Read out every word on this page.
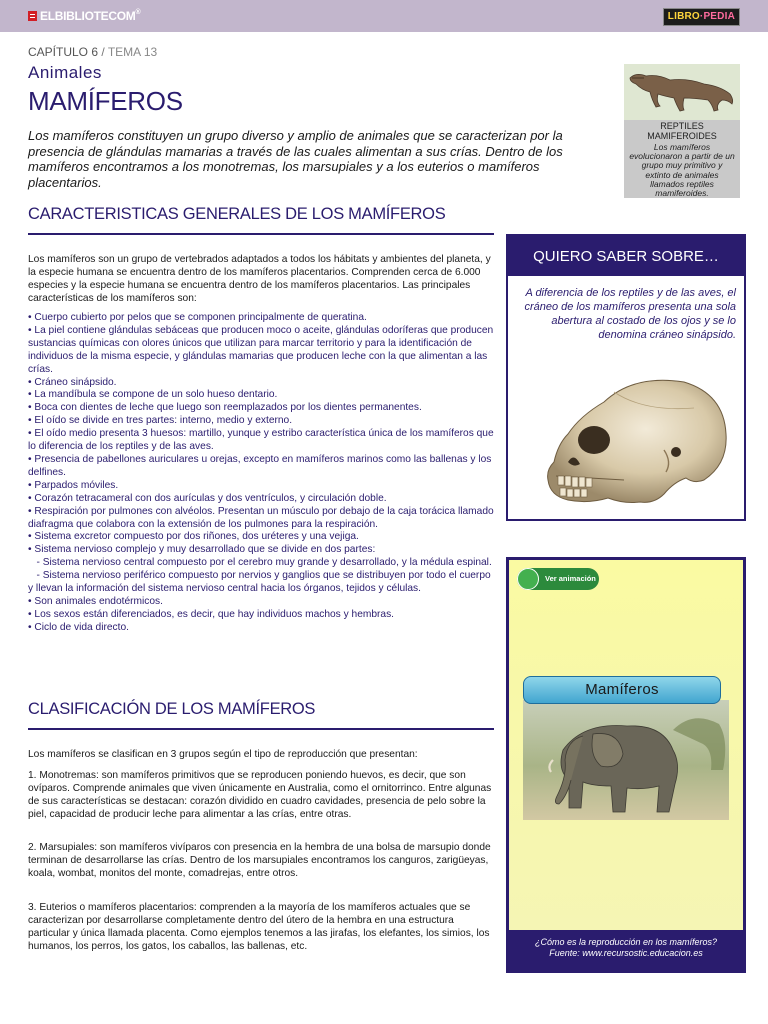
ELBIBLIOTECOM®	LIBRO·PEDIA
CAPÍTULO 6 / TEMA 13
Animales
MAMÍFEROS
Los mamíferos constituyen un grupo diverso y amplio de animales que se caracterizan por la presencia de glándulas mamarias a través de las cuales alimentan a sus crías. Dentro de los mamíferos encontramos a los monotremas, los marsupiales y a los euterios o mamíferos placentarios.
REPTILES
MAMIFEROIDES
Los mamíferos evolucionaron a partir de un grupo muy primitivo y extinto de animales llamados reptiles mamiferoides.
CARACTERISTICAS GENERALES DE LOS MAMÍFEROS
Los mamíferos son un grupo de vertebrados adaptados a todos los hábitats y ambientes del planeta, y la especie humana se encuentra dentro de los mamíferos placentarios. Comprenden cerca de 6.000 especies y la especie humana se encuentra dentro de los mamíferos placentarios. Las principales características de los mamíferos son:
• Cuerpo cubierto por pelos que se componen principalmente de queratina.
• La piel contiene glándulas sebáceas que producen moco o aceite, glándulas odoríferas que producen sustancias químicas con olores únicos que utilizan para marcar territorio y para la identificación de individuos de la misma especie, y glándulas mamarias que producen leche con la que alimentan a las crías.
• Cráneo sinápsido.
• La mandíbula se compone de un solo hueso dentario.
• Boca con dientes de leche que luego son reemplazados por los dientes permanentes.
• El oído se divide en tres partes: interno, medio y externo.
• El oído medio presenta 3 huesos: martillo, yunque y estribo característica única de los mamíferos que lo diferencia de los reptiles y de las aves.
• Presencia de pabellones auriculares u orejas, excepto en mamíferos marinos como las ballenas y los delfines.
• Parpados móviles.
• Corazón tetracameral con dos aurículas y dos ventrículos, y circulación doble.
• Respiración por pulmones con alvéolos. Presentan un músculo por debajo de la caja torácica llamado diafragma que colabora con la extensión de los pulmones para la respiración.
• Sistema excretor compuesto por dos riñones, dos uréteres y una vejiga.
• Sistema nervioso complejo y muy desarrollado que se divide en dos partes:
- Sistema nervioso central compuesto por el cerebro muy grande y desarrollado, y la médula espinal.
- Sistema nervioso periférico compuesto por nervios y ganglios que se distribuyen por todo el cuerpo y llevan la información del sistema nervioso central hacia los órganos, tejidos y células.
• Son animales endotérmicos.
• Los sexos están diferenciados, es decir, que hay individuos machos y hembras.
• Ciclo de vida directo.
CLASIFICACIÓN DE LOS MAMÍFEROS
Los mamíferos se clasifican en 3 grupos según el tipo de reproducción que presentan:
1. Monotremas: son mamíferos primitivos que se reproducen poniendo huevos, es decir, que son ovíparos. Comprende animales que viven únicamente en Australia, como el ornitorrinco. Entre algunas de sus características se destacan: corazón dividido en cuadro cavidades, presencia de pelo sobre la piel, capacidad de producir leche para alimentar a las crías, entre otras.
2. Marsupiales: son mamíferos vivíparos con presencia en la hembra de una bolsa de marsupio donde terminan de desarrollarse las crías. Dentro de los marsupiales encontramos los canguros, zarigüeyas, koala, wombat, monitos del monte, comadrejas, entre otros.
3. Euterios o mamíferos placentarios: comprenden a la mayoría de los mamíferos actuales que se caracterizan por desarrollarse completamente dentro del útero de la hembra en una estructura particular y única llamada placenta. Como ejemplos tenemos a las jirafas, los elefantes, los simios, los humanos, los perros, los gatos, los caballos, las ballenas, etc.
QUIERO SABER SOBRE…
A diferencia de los reptiles y de las aves, el cráneo de los mamíferos presenta una sola abertura al costado de los ojos y se lo denomina cráneo sinápsido.
Ver animación
Mamíferos
¿Cómo es la reproducción en los mamíferos?
Fuente: www.recursostic.educacion.es
